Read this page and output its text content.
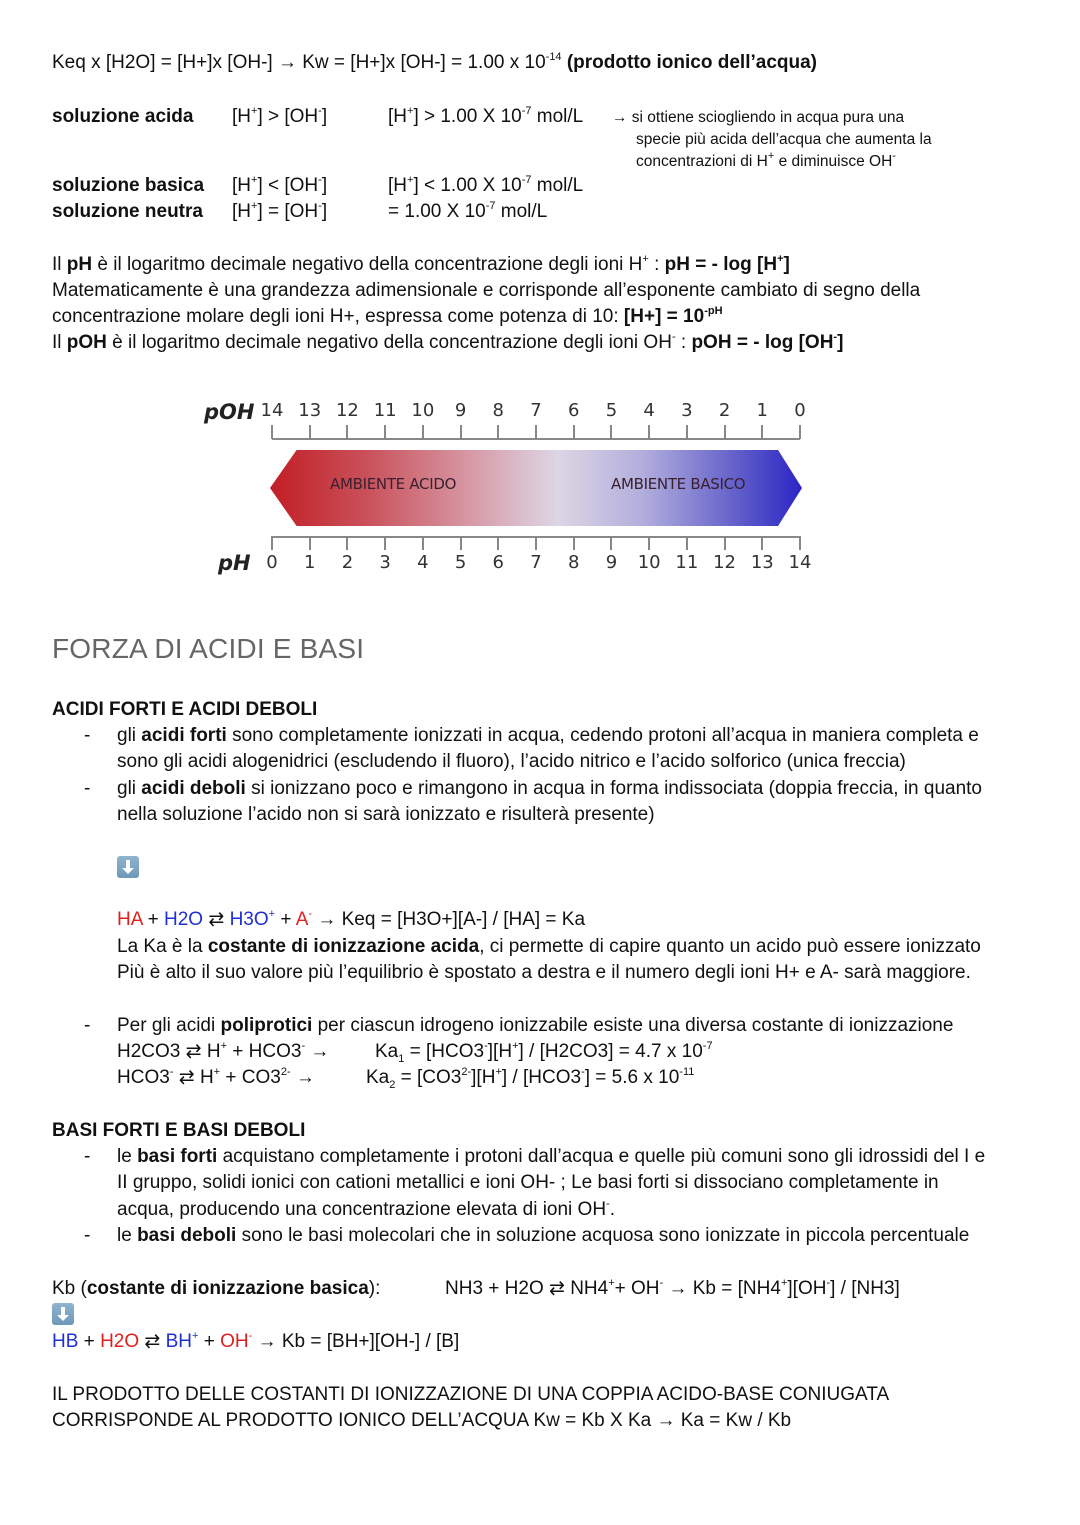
Keq x [H2O] = [H+]x [OH-] → Kw = [H+]x [OH-] = 1.00 x $10^{-14}$ (prodotto ionico dell’acqua)
soluzione acida [H+] > [OH-]	[H+] > 1.00 X $10^{-7}$ mol/L → si ottiene sciogliendo in acqua pura una
specie più acida dell’acqua che aumenta la
concentrazioni di H+ e diminuisce OH-
soluzione basica [H+] < [OH-]	[H+] < 1.00 X $10^{-7}$ mol/L
soluzione neutra [H+] = [OH-]	= 1.00 X $10^{-7}$ mol/L
Il pH è il logaritmo decimale negativo della concentrazione degli ioni H+ : pH = - log [H+]
Matematicamente è una grandezza adimensionale e corrisponde all’esponente cambiato di segno della
concentrazione molare degli ioni H+, espressa come potenza di 10: $[H+] = 10^{-pH}$
Il pOH è il logaritmo decimale negativo della concentrazione degli ioni OH- : pOH = - log [OH-]
pOH 14 13 12 11 10 9 8 7 6 5 4 3 2 1 0
AMBIENTE ACIDO	AMBIENTE BASICO
pH 0 1 2 3 4 5 6 7 8 9 10 11 12 13 14
FORZA DI ACIDI E BASI
ACIDI FORTI E ACIDI DEBOLI
- gli acidi forti sono completamente ionizzati in acqua, cedendo protoni all’acqua in maniera completa e
sono gli acidi alogenidrici (escludendo il fluoro), l’acido nitrico e l’acido solforico (unica freccia)
- gli acidi deboli si ionizzano poco e rimangono in acqua in forma indissociata (doppia freccia, in quanto
nella soluzione l’acido non si sarà ionizzato e risulterà presente)
HA + H2O ⇄ H3O+ + A- → Keq = [H3O+][A-] / [HA] = Ka
La Ka è la costante di ionizzazione acida, ci permette di capire quanto un acido può essere ionizzato
Più è alto il suo valore più l’equilibrio è spostato a destra e il numero degli ioni H+ e A- sarà maggiore.
- Per gli acidi poliprotici per ciascun idrogeno ionizzabile esiste una diversa costante di ionizzazione
H2CO3 ⇄ $H^+ + HCO3^- \to Ka_1 = [HCO3^-][H^+] / [H2CO3] = 4.7$ x $10^{-7}$
HCO3- ⇄ $H^+ + CO3^{2-}$ →	$Ka_2 = [CO3^{2-}][H^+] / [HCO3^-] = 5.6$ x $10^{-11}$
BASI FORTI E BASI DEBOLI
- le basi forti acquistano completamente i protoni dall’acqua e quelle più comuni sono gli idrossidi del I e
II gruppo, solidi ionici con cationi metallici e ioni OH- ; Le basi forti si dissociano completamente in
acqua, producendo una concentrazione elevata di ioni OH-.
- le basi deboli sono le basi molecolari che in soluzione acquosa sono ionizzate in piccola percentuale
Kb (costante di ionizzazione basica):	NH3 + H2O ⇄ NH4++ OH- → Kb = [NH4+][OH-] / [NH3]
HB + H2O ⇄ BH+ + OH- → Kb = [BH+][OH-] / [B]
IL PRODOTTO DELLE COSTANTI DI IONIZZAZIONE DI UNA COPPIA ACIDO-BASE CONIUGATA
CORRISPONDE AL PRODOTTO IONICO DELL’ACQUA Kw = Kb X Ka → Ka = Kw / Kb
